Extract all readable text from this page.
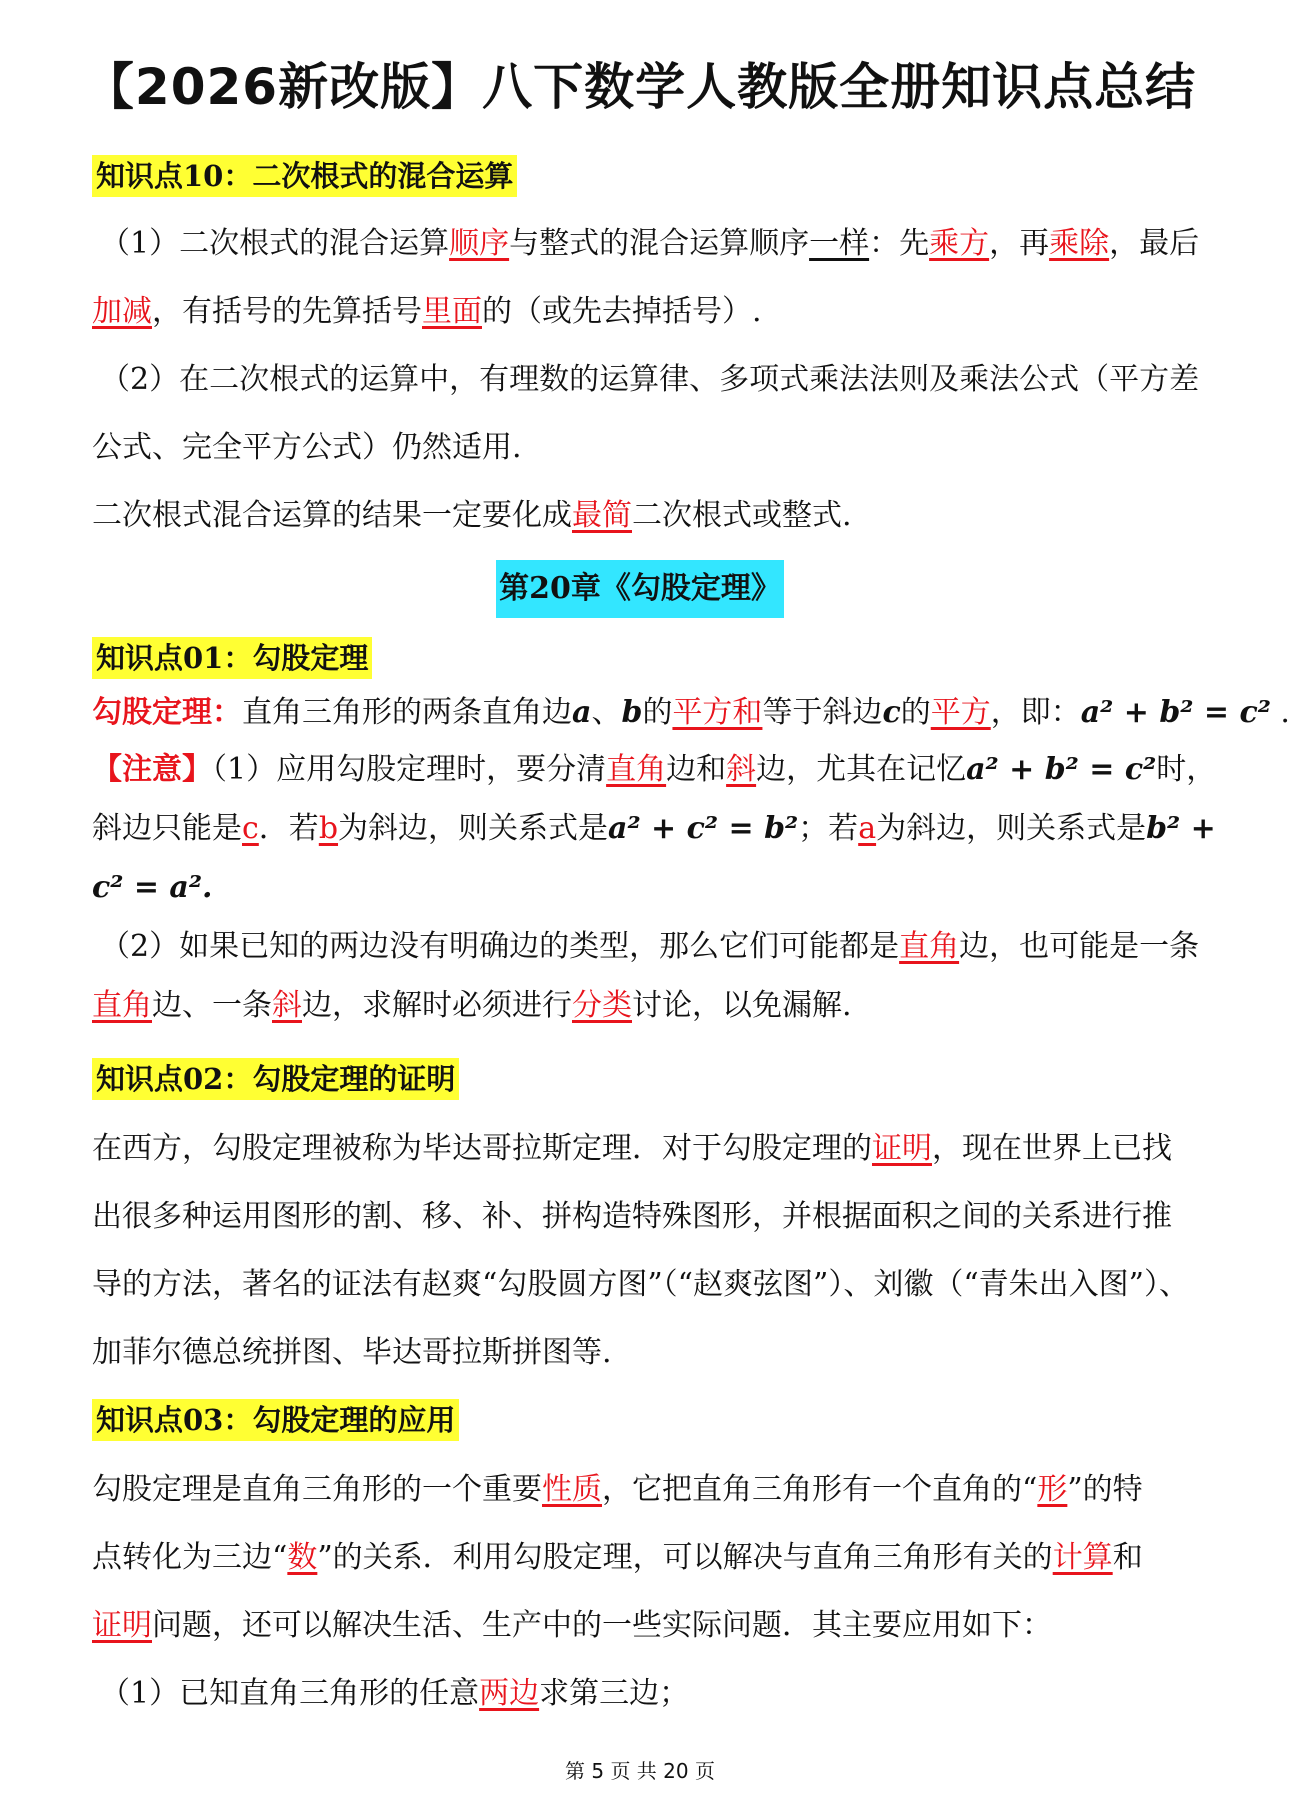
【2026新改版】八下数学人教版全册知识点总结
知识点10：二次根式的混合运算
（1）二次根式的混合运算顺序与整式的混合运算顺序一样：先乘方，再乘除，最后
加减，有括号的先算括号里面的（或先去掉括号）.
（2）在二次根式的运算中，有理数的运算律、多项式乘法法则及乘法公式（平方差
公式、完全平方公式）仍然适用.
二次根式混合运算的结果一定要化成最简二次根式或整式.
第20章《勾股定理》
知识点01：勾股定理
勾股定理：直角三角形的两条直角边a、b的平方和等于斜边c的平方，即：a² + b² = c² .
【注意】（1）应用勾股定理时，要分清直角边和斜边，尤其在记忆a² + b² = c²时，
斜边只能是c．若b为斜边，则关系式是a² + c² = b²；若a为斜边，则关系式是b² +
c² = a².
（2）如果已知的两边没有明确边的类型，那么它们可能都是直角边，也可能是一条
直角边、一条斜边，求解时必须进行分类讨论，以免漏解.
知识点02：勾股定理的证明
在西方，勾股定理被称为毕达哥拉斯定理．对于勾股定理的证明，现在世界上已找
出很多种运用图形的割、移、补、拼构造特殊图形，并根据面积之间的关系进行推
导的方法，著名的证法有赵爽“勾股圆方图”（“赵爽弦图”）、刘徽（“青朱出入图”）、
加菲尔德总统拼图、毕达哥拉斯拼图等.
知识点03：勾股定理的应用
勾股定理是直角三角形的一个重要性质，它把直角三角形有一个直角的“形”的特
点转化为三边“数”的关系．利用勾股定理，可以解决与直角三角形有关的计算和
证明问题，还可以解决生活、生产中的一些实际问题．其主要应用如下：
（1）已知直角三角形的任意两边求第三边；
第 5 页 共 20 页
